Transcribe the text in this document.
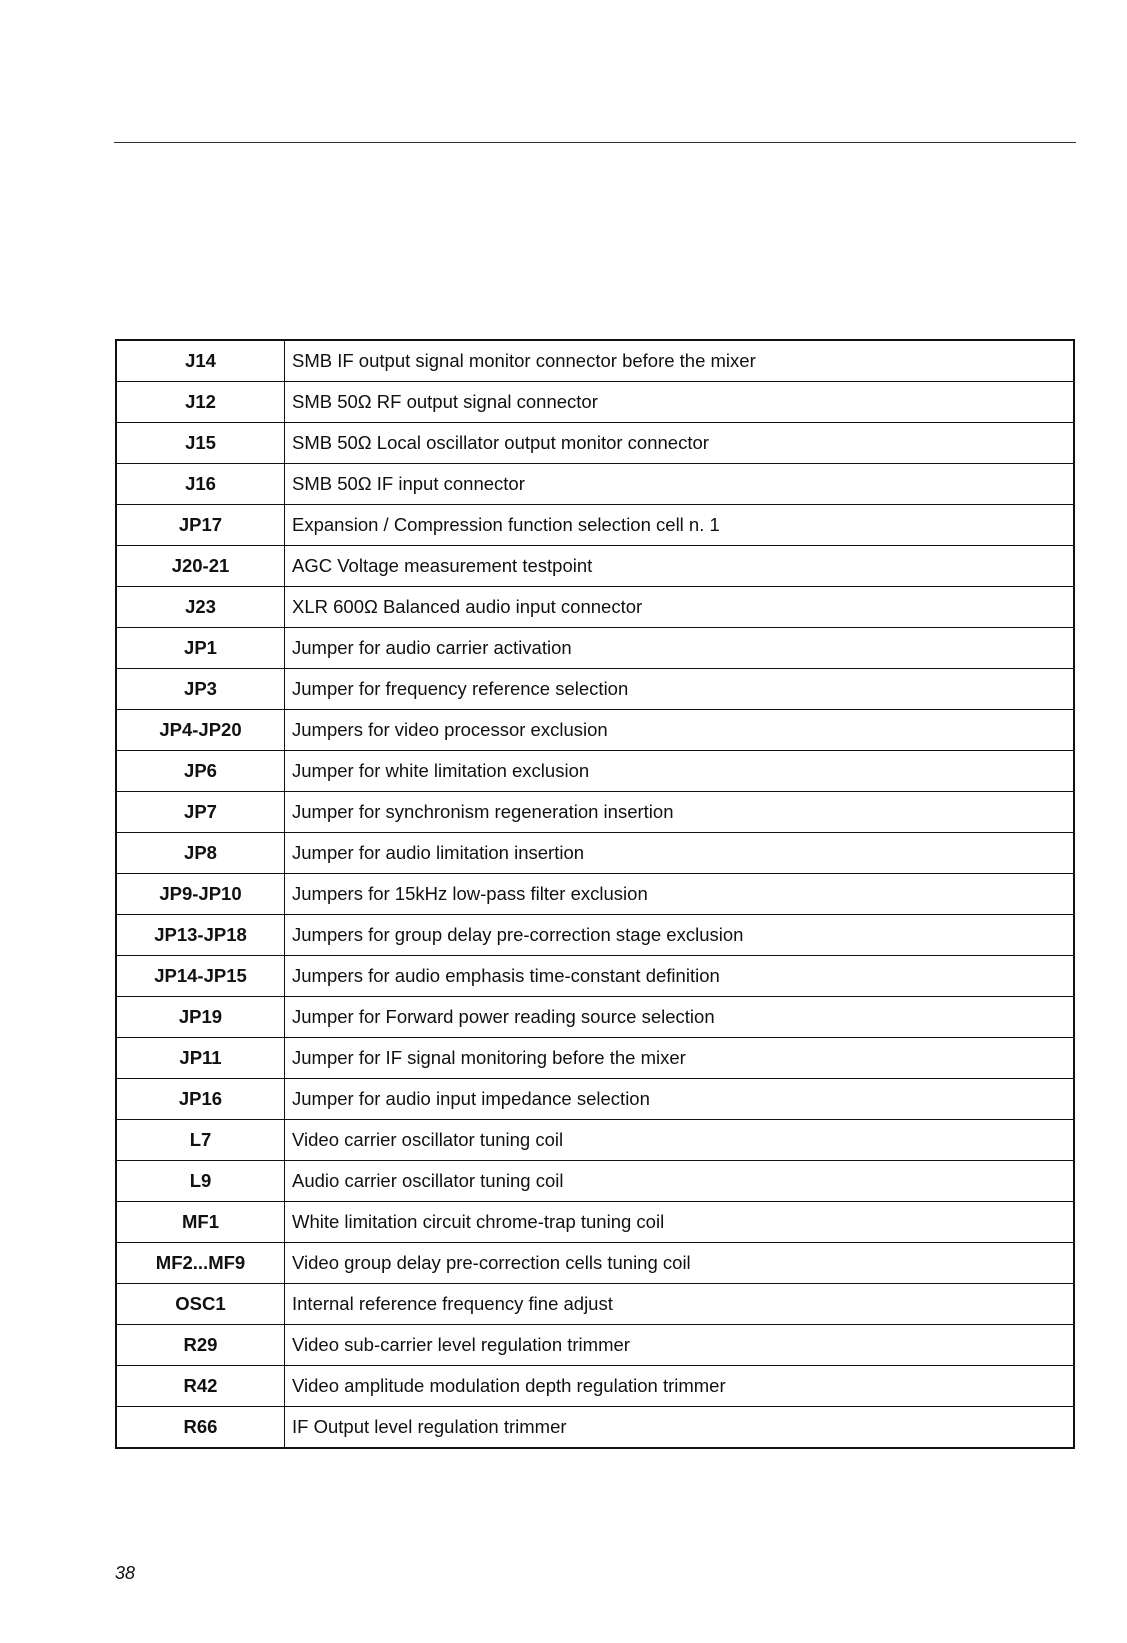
J14	SMB IF output signal monitor connector before the mixer
J12	SMB 50Ω RF output signal connector
J15	SMB 50Ω Local oscillator output monitor connector
J16	SMB 50Ω IF input connector
JP17	Expansion / Compression function selection cell n. 1
J20-21	AGC Voltage measurement testpoint
J23	XLR 600Ω Balanced audio input connector
JP1	Jumper for audio carrier activation
JP3	Jumper for frequency reference selection
JP4-JP20	Jumpers for video processor exclusion
JP6	Jumper for white limitation exclusion
JP7	Jumper for synchronism regeneration insertion
JP8	Jumper for audio limitation insertion
JP9-JP10	Jumpers for 15kHz low-pass filter exclusion
JP13-JP18	Jumpers for group delay pre-correction stage exclusion
JP14-JP15	Jumpers for audio emphasis time-constant definition
JP19	Jumper for Forward power reading source selection
JP11	Jumper for IF signal monitoring before the mixer
JP16	Jumper for audio input impedance selection
L7	Video carrier oscillator tuning coil
L9	Audio carrier oscillator tuning coil
MF1	White limitation circuit chrome-trap tuning coil
MF2...MF9	Video group delay pre-correction cells tuning coil
OSC1	Internal reference frequency fine adjust
R29	Video sub-carrier level regulation trimmer
R42	Video amplitude modulation depth regulation trimmer
R66	IF Output level regulation trimmer
38
